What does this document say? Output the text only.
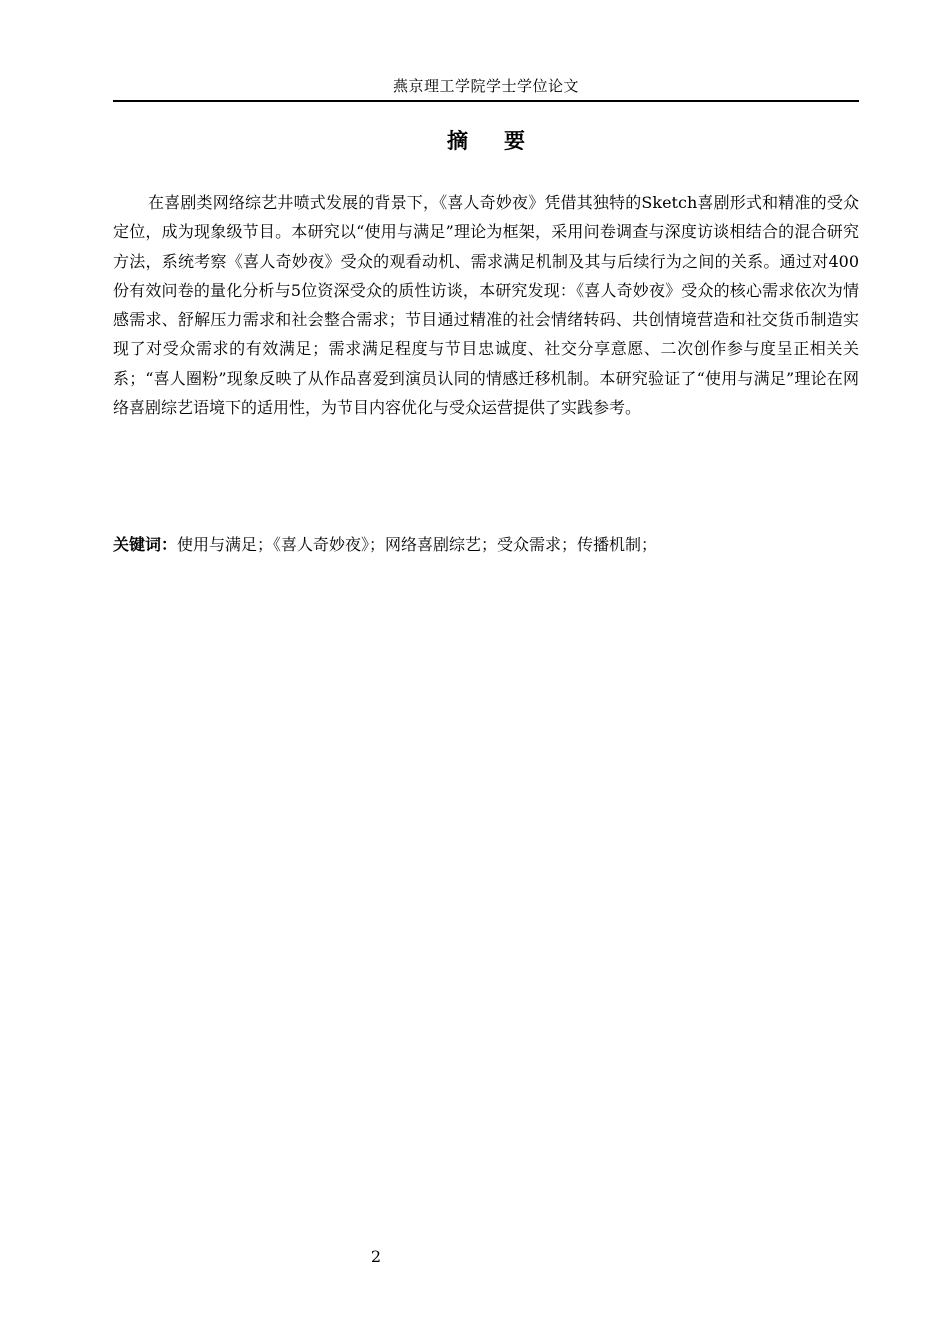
燕京理工学院学士学位论文
摘要

在喜剧类网络综艺井喷式发展的背景下，《喜人奇妙夜》凭借其独特的Sketch喜剧形式和精准的受众定位，成为现象级节目。本研究以“使用与满足”理论为框架，采用问卷调查与深度访谈相结合的混合研究方法，系统考察《喜人奇妙夜》受众的观看动机、需求满足机制及其与后续行为之间的关系。通过对400份有效问卷的量化分析与5位资深受众的质性访谈，本研究发现：《喜人奇妙夜》受众的核心需求依次为情感需求、舒解压力需求和社会整合需求；节目通过精准的社会情绪转码、共创情境营造和社交货币制造实现了对受众需求的有效满足；需求满足程度与节目忠诚度、社交分享意愿、二次创作参与度呈正相关关系；“喜人圈粉”现象反映了从作品喜爱到演员认同的情感迁移机制。本研究验证了“使用与满足”理论在网络喜剧综艺语境下的适用性，为节目内容优化与受众运营提供了实践参考。

关键词：使用与满足；《喜人奇妙夜》；网络喜剧综艺；受众需求；传播机制；
2
